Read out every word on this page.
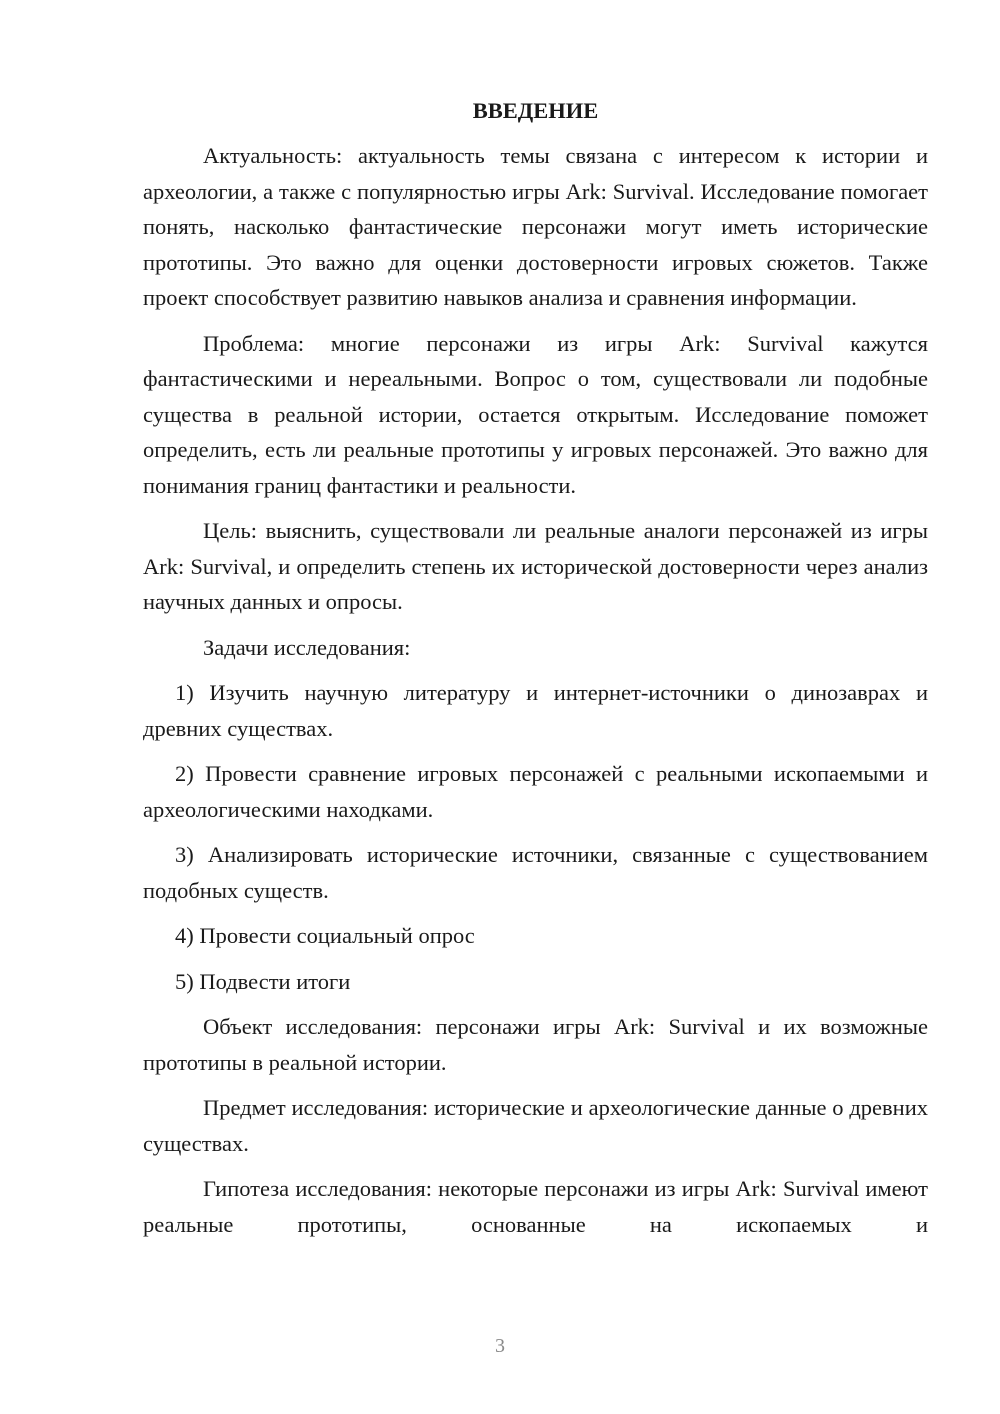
ВВЕДЕНИЕ

Актуальность: актуальность темы связана с интересом к истории и археологии, а также с популярностью игры Ark: Survival. Исследование помогает понять, насколько фантастические персонажи могут иметь исторические прототипы. Это важно для оценки достоверности игровых сюжетов. Также проект способствует развитию навыков анализа и сравнения информации.

Проблема: многие персонажи из игры Ark: Survival кажутся фантастическими и нереальными. Вопрос о том, существовали ли подобные существа в реальной истории, остается открытым. Исследование поможет определить, есть ли реальные прототипы у игровых персонажей. Это важно для понимания границ фантастики и реальности.

Цель: выяснить, существовали ли реальные аналоги персонажей из игры Ark: Survival, и определить степень их исторической достоверности через анализ научных данных и опросы.

Задачи исследования:

1) Изучить научную литературу и интернет-источники о динозаврах и древних существах.

2) Провести сравнение игровых персонажей с реальными ископаемыми и археологическими находками.

3) Анализировать исторические источники, связанные с существованием подобных существ.

4) Провести социальный опрос

5) Подвести итоги

Объект исследования: персонажи игры Ark: Survival и их возможные прототипы в реальной истории.

Предмет исследования: исторические и археологические данные о древних существах.

Гипотеза исследования: некоторые персонажи из игры Ark: Survival имеют реальные прототипы, основанные на ископаемых и

3
